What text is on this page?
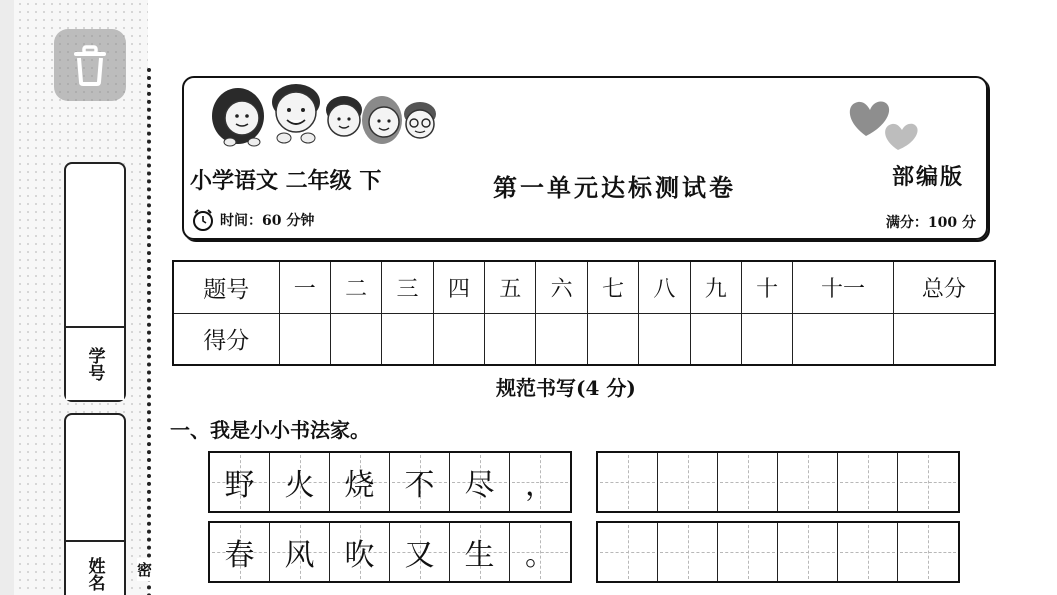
学号
姓名	密
小学语文 二年级 下	第一单元达标测试卷	部编版
时间：60 分钟	满分：100 分
题号	一	二	三	四	五	六	七	八	九	十	十一	总分
得分												
规范书写(4 分)
一、我是小小书法家。
野 火 烧 不 尽 ，
春 风 吹 又 生 。
